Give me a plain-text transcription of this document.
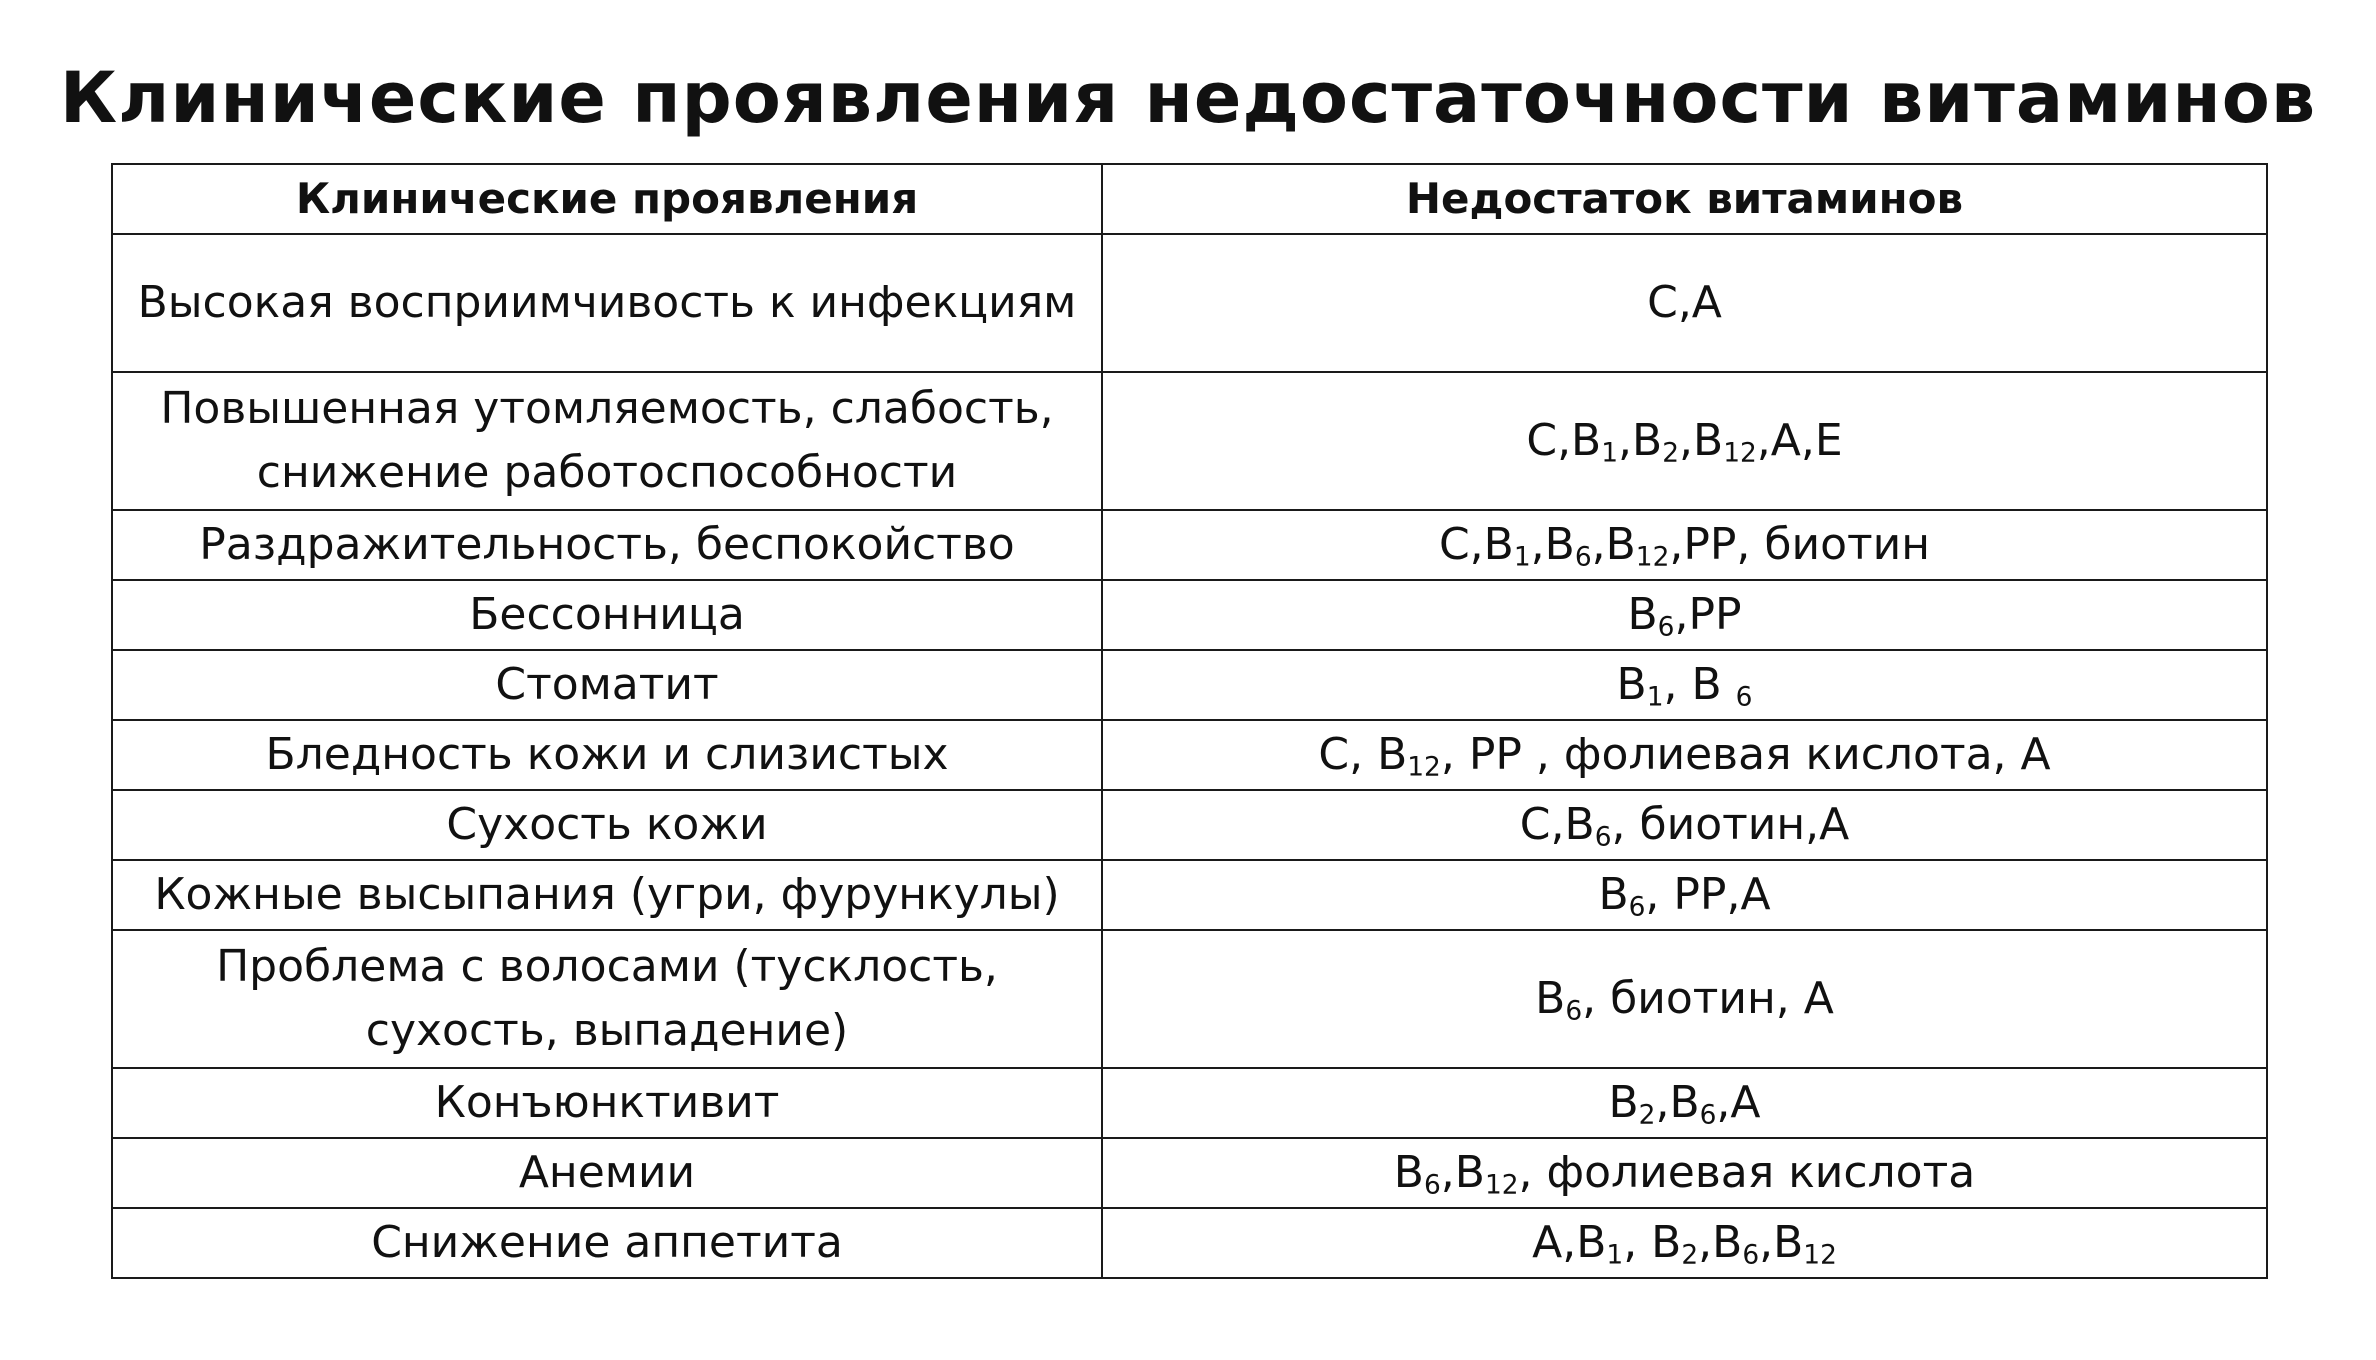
Клинические проявления недостаточности витаминов
Клинические проявления	Недостаток витаминов
Высокая восприимчивость к инфекциям	C,A
Повышенная утомляемость, слабость, снижение работоспособности	$C,B_1,B_2,B_{12},A,E$
Раздражительность, беспокойство	$C,B_1,B_6,B_{12},PP$, биотин
Бессонница	$B_6,PP$
Стоматит	$B_1$, B $_6$
Бледность кожи и слизистых	C, $B_{12}$, PP , фолиевая кислота, A
Сухость кожи	$C,B_6$, биотин,A
Кожные высыпания (угри, фурункулы)	$B_6$, PP,A
Проблема с волосами (тусклость, сухость, выпадение)	$B_6$, биотин, A
Конъюнктивит	$B_2,B_6,A$
Анемии	$B_6,B_{12}$, фолиевая кислота
Снижение аппетита	$A,B_1$, $B_2,B_6,B_{12}$
